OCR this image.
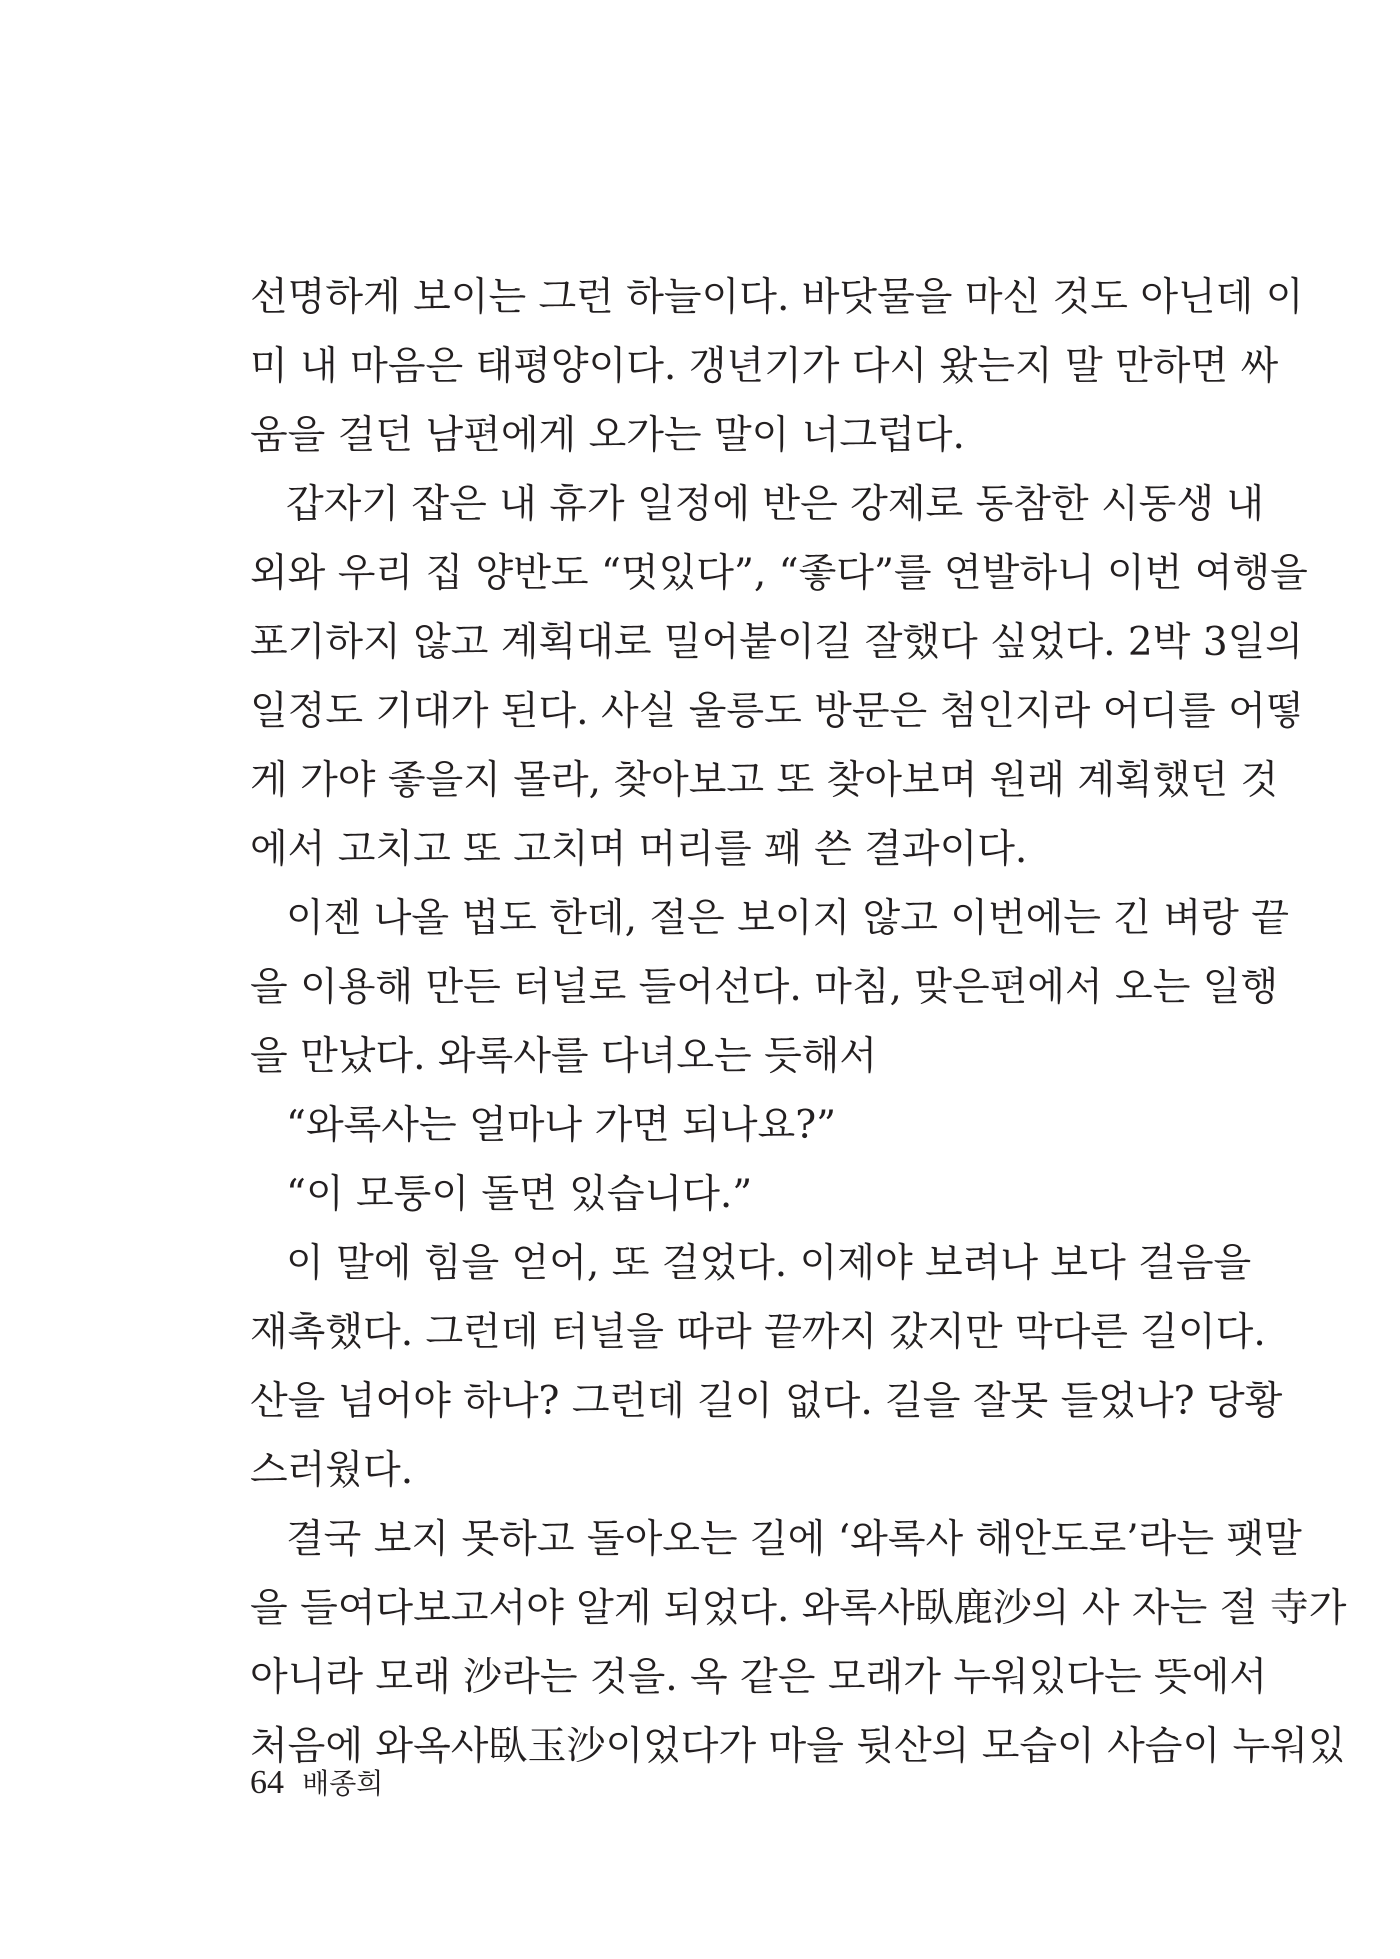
선명하게 보이는 그런 하늘이다. 바닷물을 마신 것도 아닌데 이
미 내 마음은 태평양이다. 갱년기가 다시 왔는지 말 만하면 싸
움을 걸던 남편에게 오가는 말이 너그럽다.
갑자기 잡은 내 휴가 일정에 반은 강제로 동참한 시동생 내
외와 우리 집 양반도 “멋있다”, “좋다”를 연발하니 이번 여행을
포기하지 않고 계획대로 밀어붙이길 잘했다 싶었다. 2박 3일의
일정도 기대가 된다. 사실 울릉도 방문은 첨인지라 어디를 어떻
게 가야 좋을지 몰라, 찾아보고 또 찾아보며 원래 계획했던 것
에서 고치고 또 고치며 머리를 꽤 쓴 결과이다.
이젠 나올 법도 한데, 절은 보이지 않고 이번에는 긴 벼랑 끝
을 이용해 만든 터널로 들어선다. 마침, 맞은편에서 오는 일행
을 만났다. 와록사를 다녀오는 듯해서
“와록사는 얼마나 가면 되나요?”
“이 모퉁이 돌면 있습니다.”
이 말에 힘을 얻어, 또 걸었다. 이제야 보려나 보다 걸음을
재촉했다. 그런데 터널을 따라 끝까지 갔지만 막다른 길이다.
산을 넘어야 하나? 그런데 길이 없다. 길을 잘못 들었나? 당황
스러웠다.
결국 보지 못하고 돌아오는 길에 ‘와록사 해안도로’라는 팻말
을 들여다보고서야 알게 되었다. 와록사臥鹿沙의 사 자는 절 寺가
아니라 모래 沙라는 것을. 옥 같은 모래가 누워있다는 뜻에서
처음에 와옥사臥玉沙이었다가 마을 뒷산의 모습이 사슴이 누워있
64 배종희
